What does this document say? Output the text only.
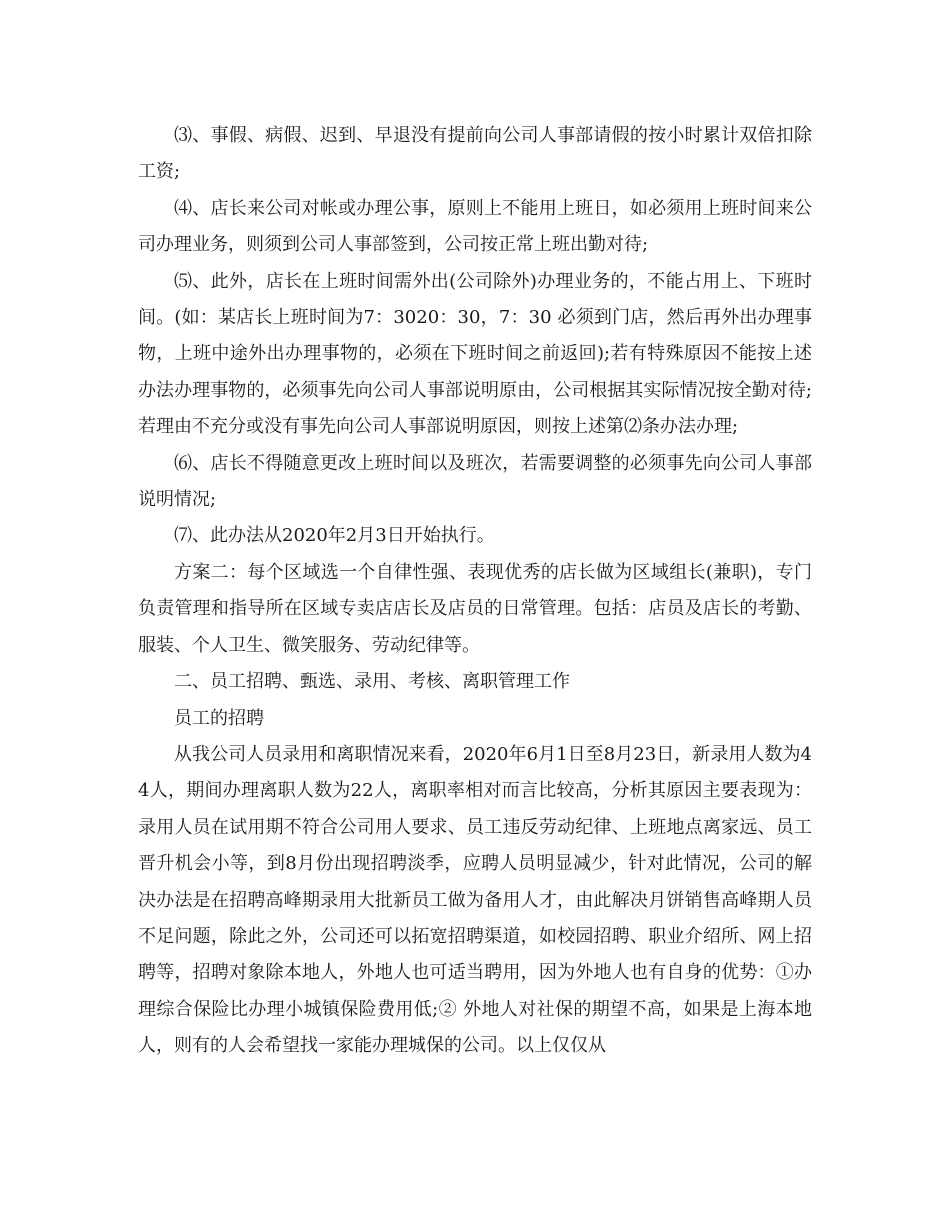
⑶、事假、病假、迟到、早退没有提前向公司人事部请假的按小时累计双倍扣除工资;

⑷、店长来公司对帐或办理公事，原则上不能用上班日，如必须用上班时间来公司办理业务，则须到公司人事部签到，公司按正常上班出勤对待;

⑸、此外，店长在上班时间需外出(公司除外)办理业务的，不能占用上、下班时间。(如：某店长上班时间为7：3020：30，7：30 必须到门店，然后再外出办理事物，上班中途外出办理事物的，必须在下班时间之前返回);若有特殊原因不能按上述办法办理事物的，必须事先向公司人事部说明原由，公司根据其实际情况按全勤对待;若理由不充分或没有事先向公司人事部说明原因，则按上述第⑵条办法办理;

⑹、店长不得随意更改上班时间以及班次，若需要调整的必须事先向公司人事部说明情况;

⑺、此办法从2020年2月3日开始执行。

方案二：每个区域选一个自律性强、表现优秀的店长做为区域组长(兼职)，专门负责管理和指导所在区域专卖店店长及店员的日常管理。包括：店员及店长的考勤、服装、个人卫生、微笑服务、劳动纪律等。

二、员工招聘、甄选、录用、考核、离职管理工作

员工的招聘

从我公司人员录用和离职情况来看，2020年6月1日至8月23日，新录用人数为44人，期间办理离职人数为22人，离职率相对而言比较高，分析其原因主要表现为：录用人员在试用期不符合公司用人要求、员工违反劳动纪律、上班地点离家远、员工晋升机会小等，到8月份出现招聘淡季，应聘人员明显减少，针对此情况，公司的解决办法是在招聘高峰期录用大批新员工做为备用人才，由此解决月饼销售高峰期人员不足问题，除此之外，公司还可以拓宽招聘渠道，如校园招聘、职业介绍所、网上招聘等，招聘对象除本地人，外地人也可适当聘用，因为外地人也有自身的优势：①办理综合保险比办理小城镇保险费用低;② 外地人对社保的期望不高，如果是上海本地人，则有的人会希望找一家能办理城保的公司。以上仅仅从
